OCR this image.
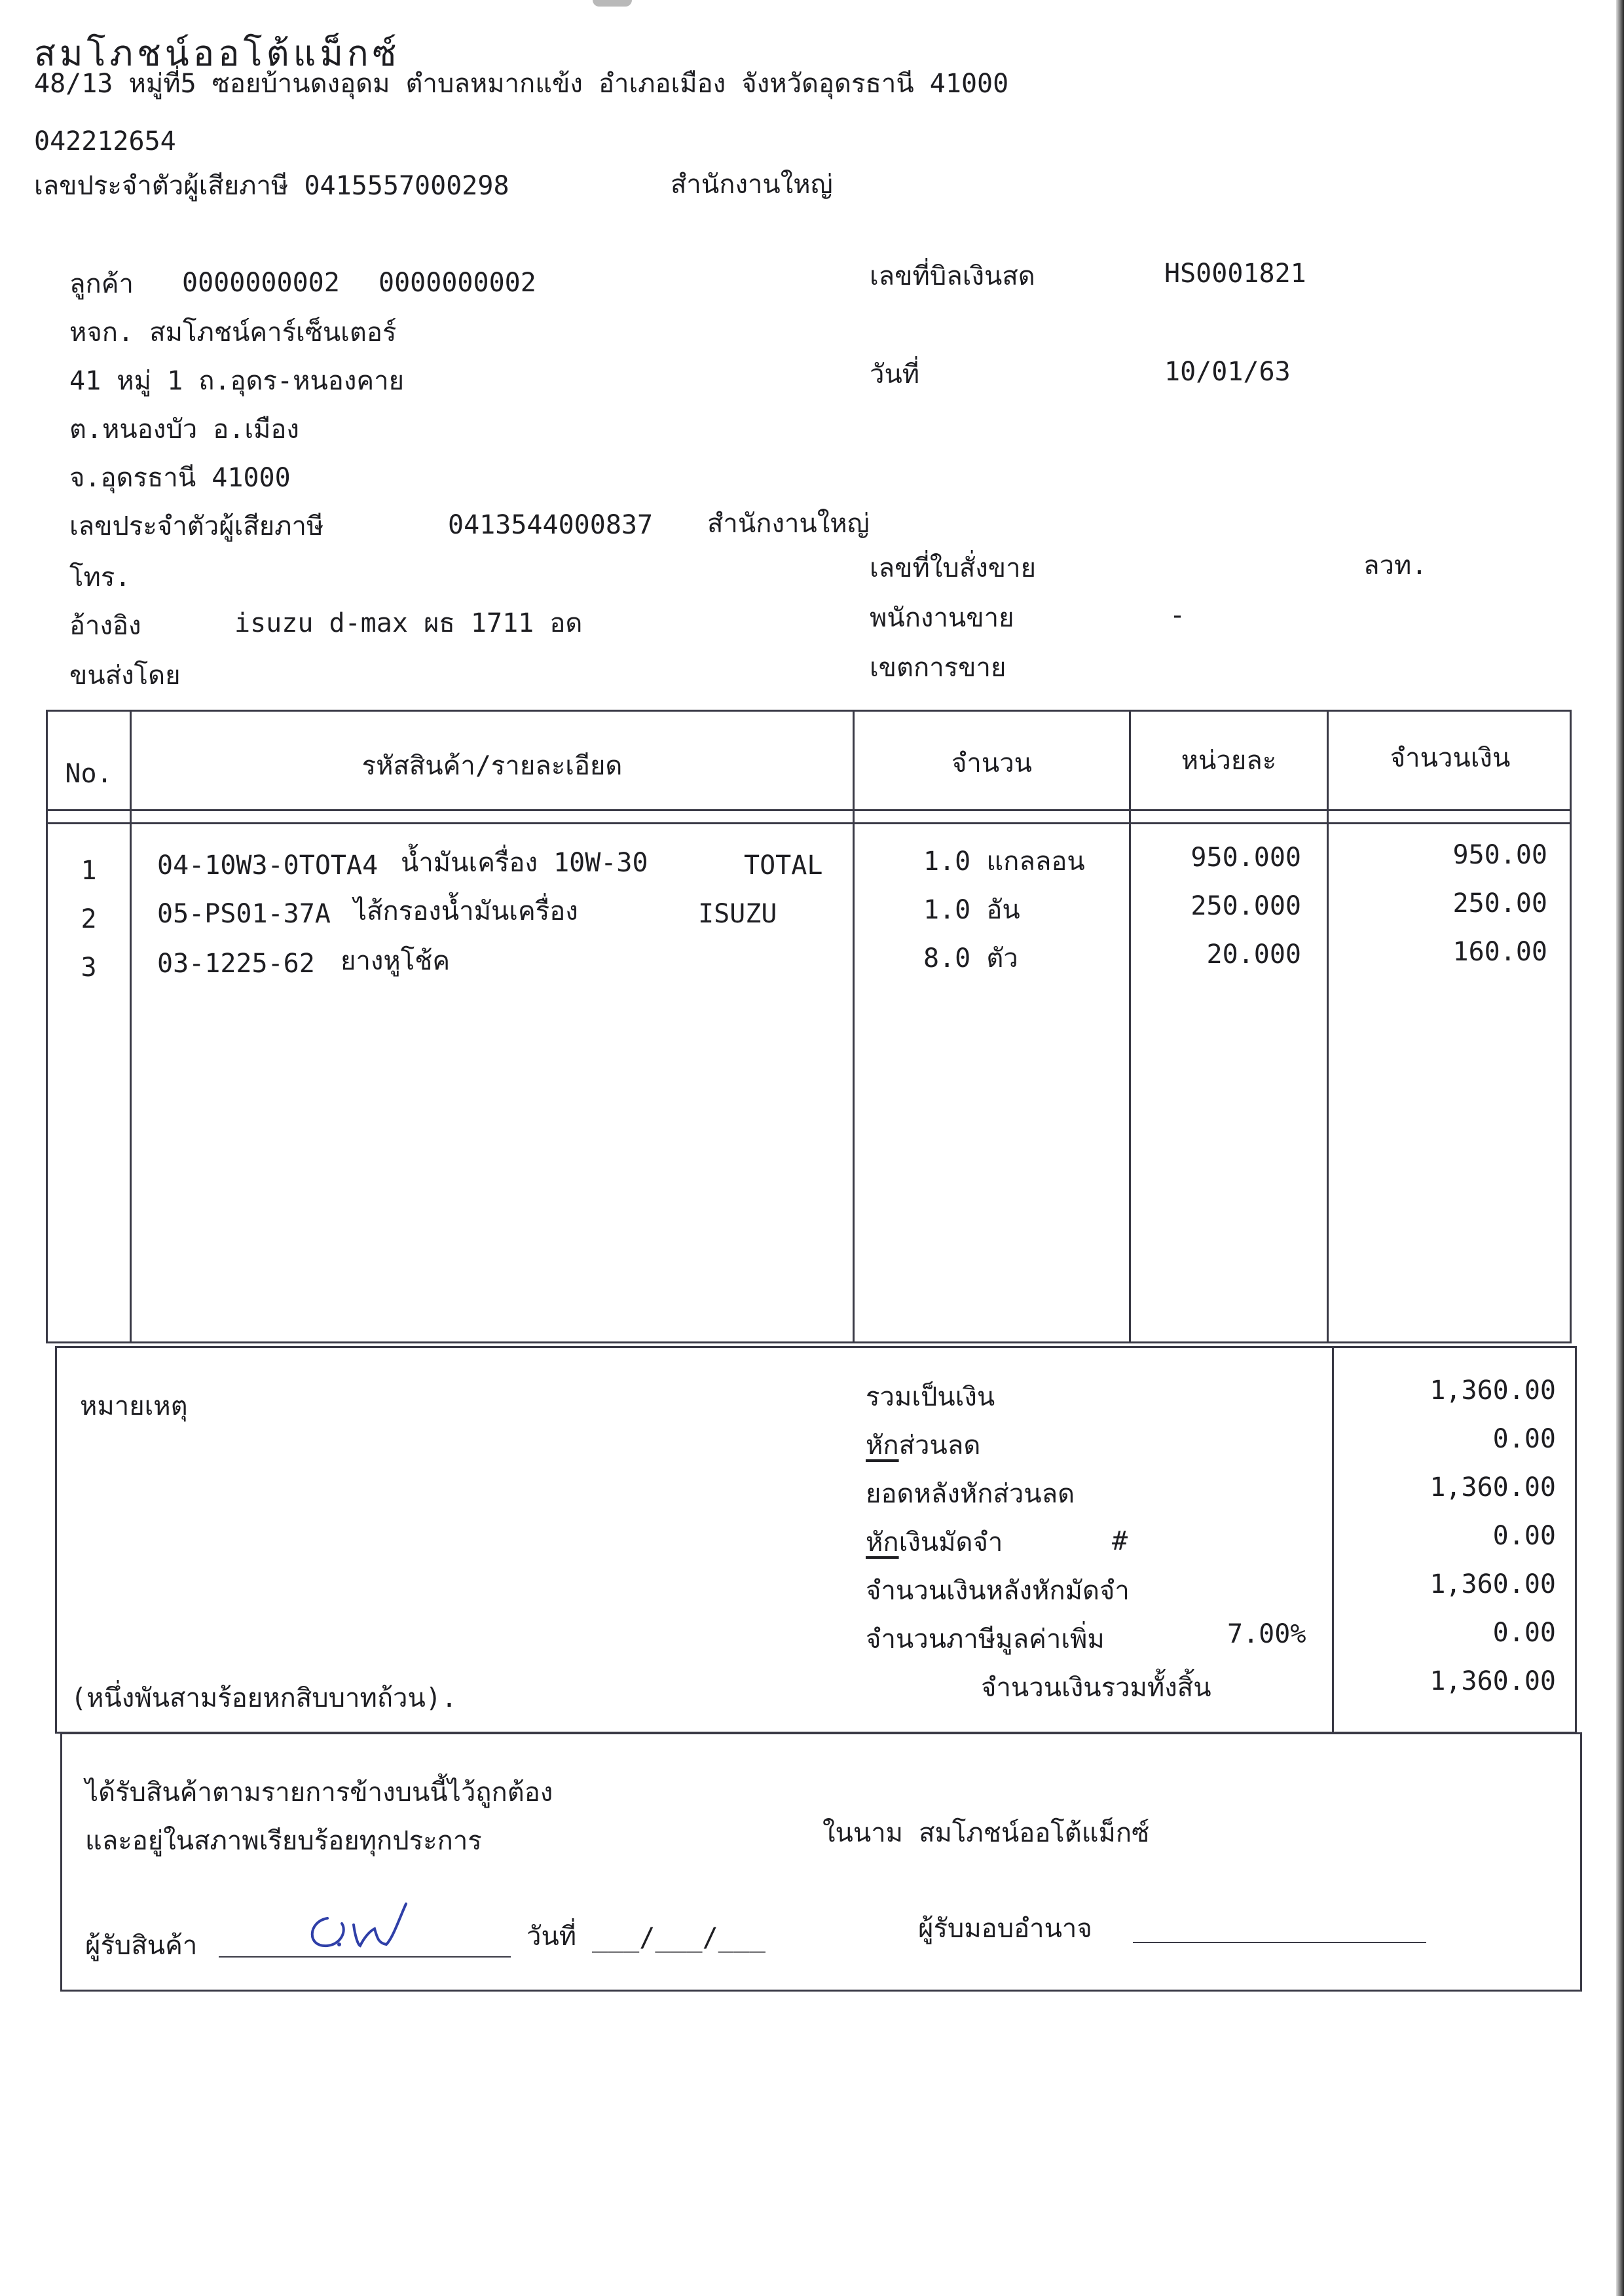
สมโภชน์ออโต้แม็กซ์
48/13 หมู่ที่5 ซอยบ้านดงอุดม ตำบลหมากแข้ง อำเภอเมือง จังหวัดอุดรธานี 41000
042212654
เลขประจำตัวผู้เสียภาษี 0415557000298	สำนักงานใหญ่
ลูกค้า 0000000002 0000000002
หจก. สมโภชน์คาร์เซ็นเตอร์
41 หมู่ 1 ถ.อุดร-หนองคาย
ต.หนองบัว อ.เมือง
จ.อุดรธานี 41000
เลขประจำตัวผู้เสียภาษี	0413544000837 สำนักงานใหญ่
โทร.
อ้างอิง	isuzu d-max ผธ 1711 อด
ขนส่งโดย
เลขที่บิลเงินสด	HS0001821
วันที่	10/01/63
เลขที่ใบสั่งขาย	ลวท.
พนักงานขาย	-
เขตการขาย
No.	รหัสสินค้า/รายละเอียด	จำนวน	หน่วยละ	จำนวนเงิน
1	04-10W3-0TOTA4 น้ำมันเครื่อง 10W-30	TOTAL	1.0 แกลลอน	950.000	950.00
2	05-PS01-37A ไส้กรองน้ำมันเครื่อง	ISUZU	1.0 อัน	250.000	250.00
3	03-1225-62 ยางหูโช้ค	8.0 ตัว	20.000	160.00
หมายเหตุ
(หนึ่งพันสามร้อยหกสิบบาทถ้วน).
รวมเป็นเงิน	1,360.00
หักส่วนลด	0.00
ยอดหลังหักส่วนลด	1,360.00
หักเงินมัดจำ	#	0.00
จำนวนเงินหลังหักมัดจำ	1,360.00
จำนวนภาษีมูลค่าเพิ่ม	7.00%	0.00
จำนวนเงินรวมทั้งสิ้น	1,360.00
ได้รับสินค้าตามรายการข้างบนนี้ไว้ถูกต้อง
และอยู่ในสภาพเรียบร้อยทุกประการ	ในนาม สมโภชน์ออโต้แม็กซ์
ผู้รับสินค้า	วันที่ ___/___/___	ผู้รับมอบอำนาจ
